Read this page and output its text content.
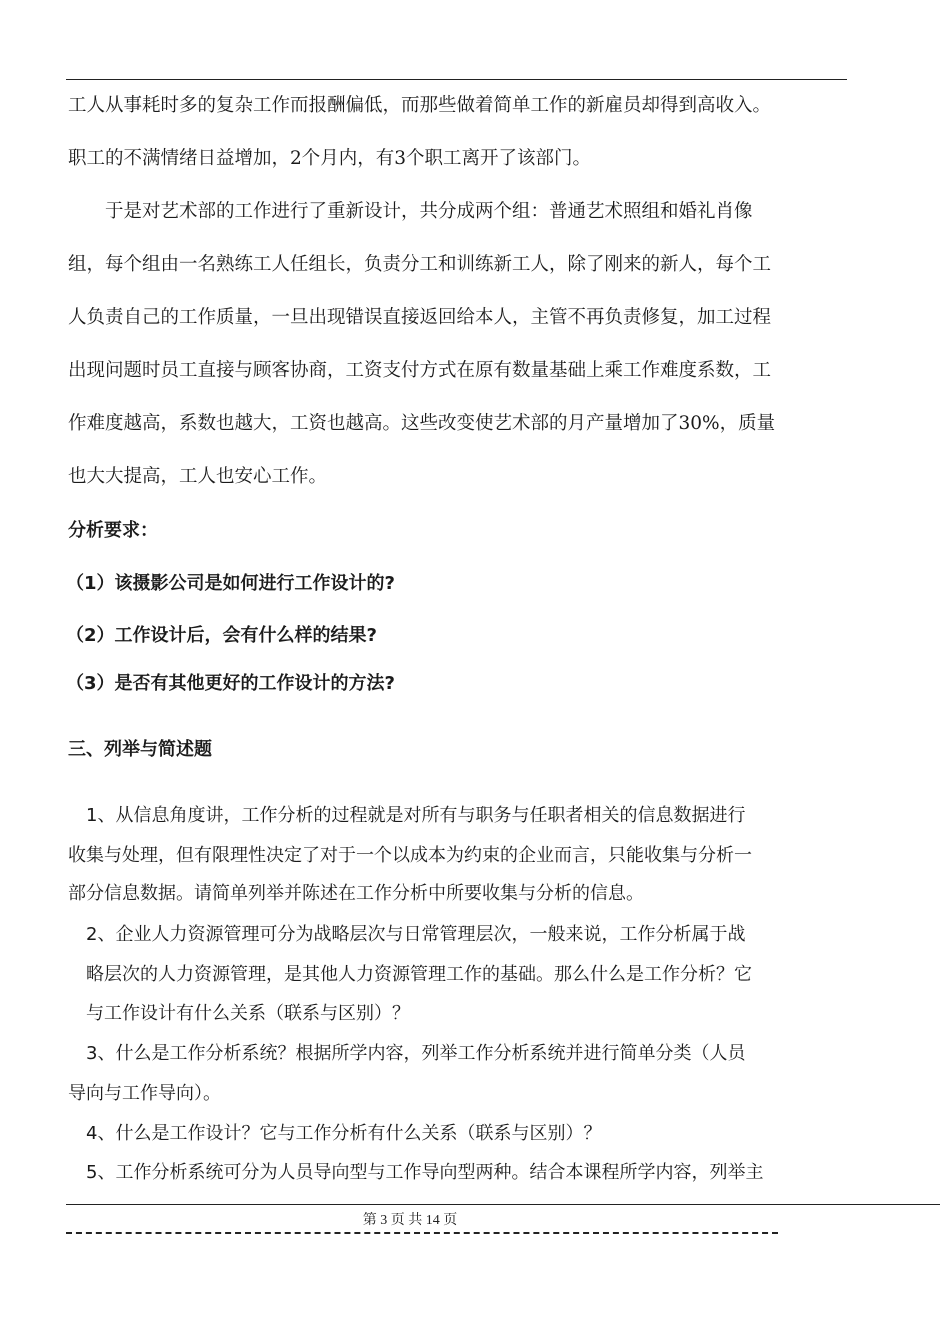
工人从事耗时多的复杂工作而报酬偏低，而那些做着简单工作的新雇员却得到高收入。
职工的不满情绪日益增加，2个月内，有3个职工离开了该部门。
　　于是对艺术部的工作进行了重新设计，共分成两个组：普通艺术照组和婚礼肖像
组，每个组由一名熟练工人任组长，负责分工和训练新工人，除了刚来的新人，每个工
人负责自己的工作质量，一旦出现错误直接返回给本人，主管不再负责修复，加工过程
出现问题时员工直接与顾客协商，工资支付方式在原有数量基础上乘工作难度系数，工
作难度越高，系数也越大，工资也越高。这些改变使艺术部的月产量增加了30%，质量
也大大提高，工人也安心工作。
分析要求：
（1）该摄影公司是如何进行工作设计的?
（2）工作设计后，会有什么样的结果?
（3）是否有其他更好的工作设计的方法?
三、列举与简述题
　1、从信息角度讲，工作分析的过程就是对所有与职务与任职者相关的信息数据进行
收集与处理，但有限理性决定了对于一个以成本为约束的企业而言，只能收集与分析一
部分信息数据。请简单列举并陈述在工作分析中所要收集与分析的信息。
　2、企业人力资源管理可分为战略层次与日常管理层次，一般来说，工作分析属于战
　略层次的人力资源管理，是其他人力资源管理工作的基础。那么什么是工作分析？它
　与工作设计有什么关系（联系与区别）？
　3、什么是工作分析系统？根据所学内容，列举工作分析系统并进行简单分类（人员
导向与工作导向）。
　4、什么是工作设计？它与工作分析有什么关系（联系与区别）？
　5、工作分析系统可分为人员导向型与工作导向型两种。结合本课程所学内容，列举主
第 3 页 共 14 页
